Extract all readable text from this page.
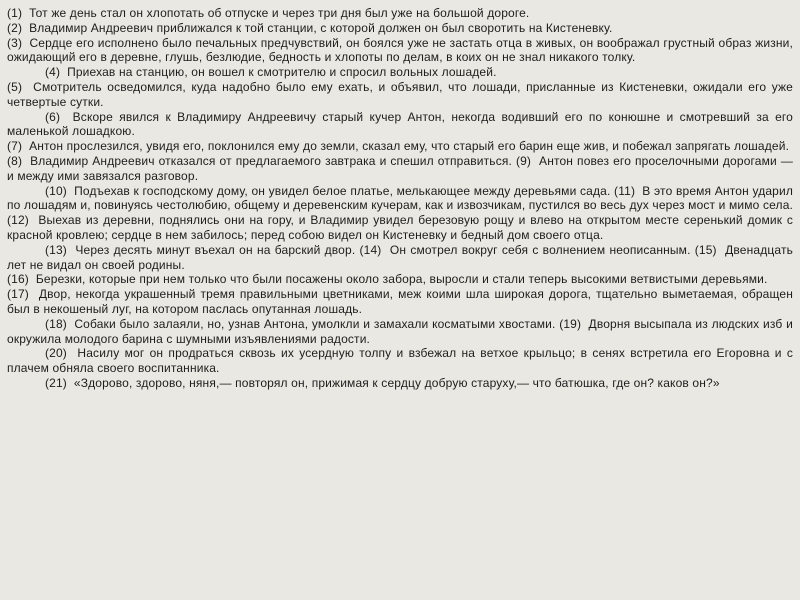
(1)  Тот же день стал он хлопотать об отпуске и через три дня был уже на большой дороге.

(2)  Владимир Андреевич приближался к той станции, с которой должен он был своротить на Кистеневку.

(3)  Сердце его исполнено было печальных предчувствий, он боялся уже не застать отца в живых, он воображал грустный образ жизни, ожидающий его в деревне, глушь, безлюдие, бедность и хлопоты по делам, в коих он не знал никакого толку.

(4)  Приехав на станцию, он вошел к смотрителю и спросил вольных лошадей.

(5)  Смотритель осведомился, куда надобно было ему ехать, и объявил, что лошади, присланные из Кистеневки, ожидали его уже четвертые сутки.

(6)  Вскоре явился к Владимиру Андреевичу старый кучер Антон, некогда водивший его по конюшне и смотревший за его маленькой лошадкою.

(7)  Антон прослезился, увидя его, поклонился ему до земли, сказал ему, что старый его барин еще жив, и побежал запрягать лошадей.

(8)  Владимир Андреевич отказался от предлагаемого завтрака и спешил отправиться. (9)  Антон повез его проселочными дорогами — и между ими завязался разговор.

(10)  Подъехав к господскому дому, он увидел белое платье, мелькающее между деревьями сада. (11)  В это время Антон ударил по лошадям и, повинуясь честолюбию, общему и деревенским кучерам, как и извозчикам, пустился во весь дух через мост и мимо села.

(12)  Выехав из деревни, поднялись они на гору, и Владимир увидел березовую рощу и влево на открытом месте серенький домик с красной кровлею; сердце в нем забилось; перед собою видел он Кистеневку и бедный дом своего отца.

(13)  Через десять минут въехал он на барский двор. (14)  Он смотрел вокруг себя с волнением неописанным. (15)  Двенадцать лет не видал он своей родины.

(16)  Березки, которые при нем только что были посажены около забора, выросли и стали теперь высокими ветвистыми деревьями.

(17)  Двор, некогда украшенный тремя правильными цветниками, меж коими шла широкая дорога, тщательно выметаемая, обращен был в некошеный луг, на котором паслась опутанная лошадь.

(18)  Собаки было залаяли, но, узнав Антона, умолкли и замахали косматыми хвостами. (19)  Дворня высыпала из людских изб и окружила молодого барина с шумными изъявлениями радости.

(20)  Насилу мог он продраться сквозь их усердную толпу и взбежал на ветхое крыльцо; в сенях встретила его Егоровна и с плачем обняла своего воспитанника.

(21)  «Здорово, здорово, няня,— повторял он, прижимая к сердцу добрую старуху,— что батюшка, где он? каков он?»
